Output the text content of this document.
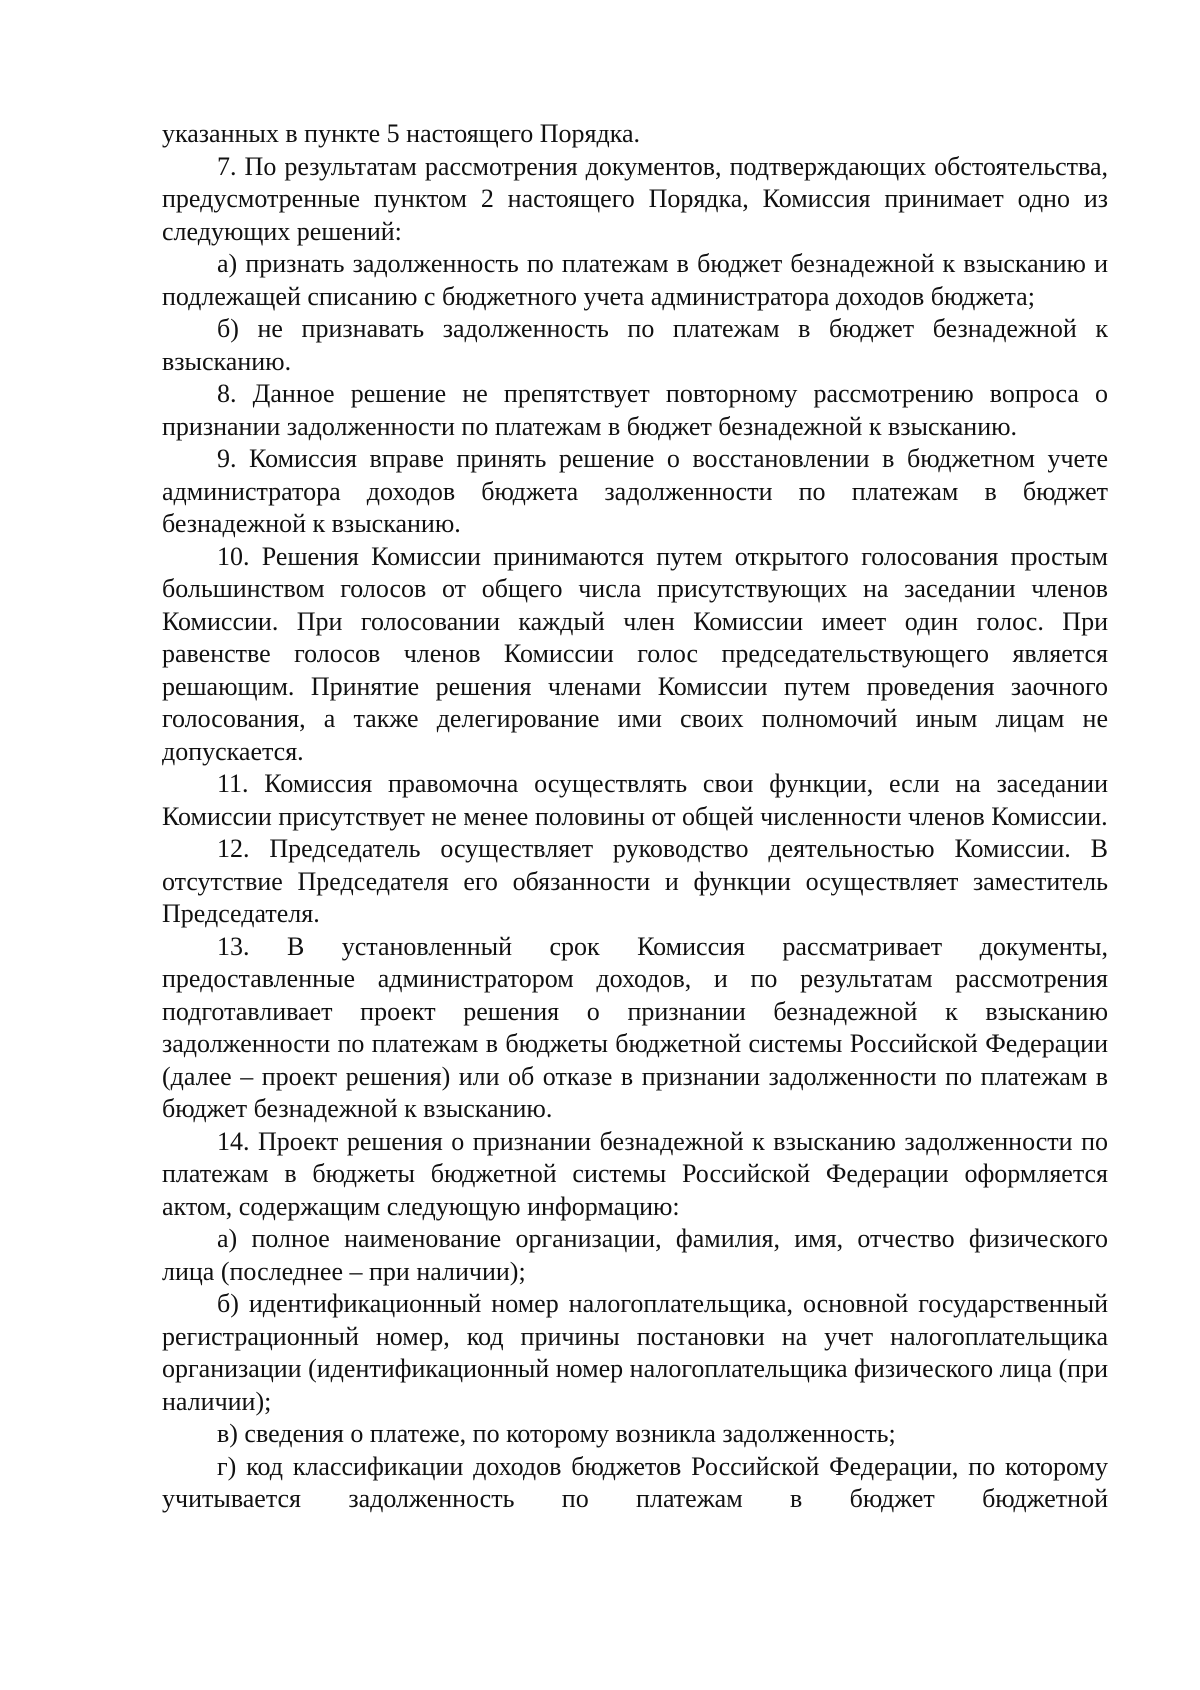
указанных в пункте 5 настоящего Порядка.

7. По результатам рассмотрения документов, подтверждающих обстоятельства, предусмотренные пунктом 2 настоящего Порядка, Комиссия принимает одно из следующих решений:

а) признать задолженность по платежам в бюджет безнадежной к взысканию и подлежащей списанию с бюджетного учета администратора доходов бюджета;

б) не признавать задолженность по платежам в бюджет безнадежной к взысканию.

8. Данное решение не препятствует повторному рассмотрению вопроса о признании задолженности по платежам в бюджет безнадежной к взысканию.

9. Комиссия вправе принять решение о восстановлении в бюджетном учете администратора доходов бюджета задолженности по платежам в бюджет безнадежной к взысканию.

10. Решения Комиссии принимаются путем открытого голосования простым большинством голосов от общего числа присутствующих на заседании членов Комиссии. При голосовании каждый член Комиссии имеет один голос. При равенстве голосов членов Комиссии голос председательствующего является решающим. Принятие решения членами Комиссии путем проведения заочного голосования, а также делегирование ими своих полномочий иным лицам не допускается.

11. Комиссия правомочна осуществлять свои функции, если на заседании Комиссии присутствует не менее половины от общей численности членов Комиссии.

12. Председатель осуществляет руководство деятельностью Комиссии. В отсутствие Председателя его обязанности и функции осуществляет заместитель Председателя.

13. В установленный срок Комиссия рассматривает документы, предоставленные администратором доходов, и по результатам рассмотрения подготавливает проект решения о признании безнадежной к взысканию задолженности по платежам в бюджеты бюджетной системы Российской Федерации (далее – проект решения) или об отказе в признании задолженности по платежам в бюджет безнадежной к взысканию.

14. Проект решения о признании безнадежной к взысканию задолженности по платежам в бюджеты бюджетной системы Российской Федерации оформляется актом, содержащим следующую информацию:

а) полное наименование организации, фамилия, имя, отчество физического лица (последнее – при наличии);

б) идентификационный номер налогоплательщика, основной государственный регистрационный номер, код причины постановки на учет налогоплательщика организации (идентификационный номер налогоплательщика физического лица (при наличии);

в) сведения о платеже, по которому возникла задолженность;

г) код классификации доходов бюджетов Российской Федерации, по которому учитывается задолженность по платежам в бюджет бюджетной
